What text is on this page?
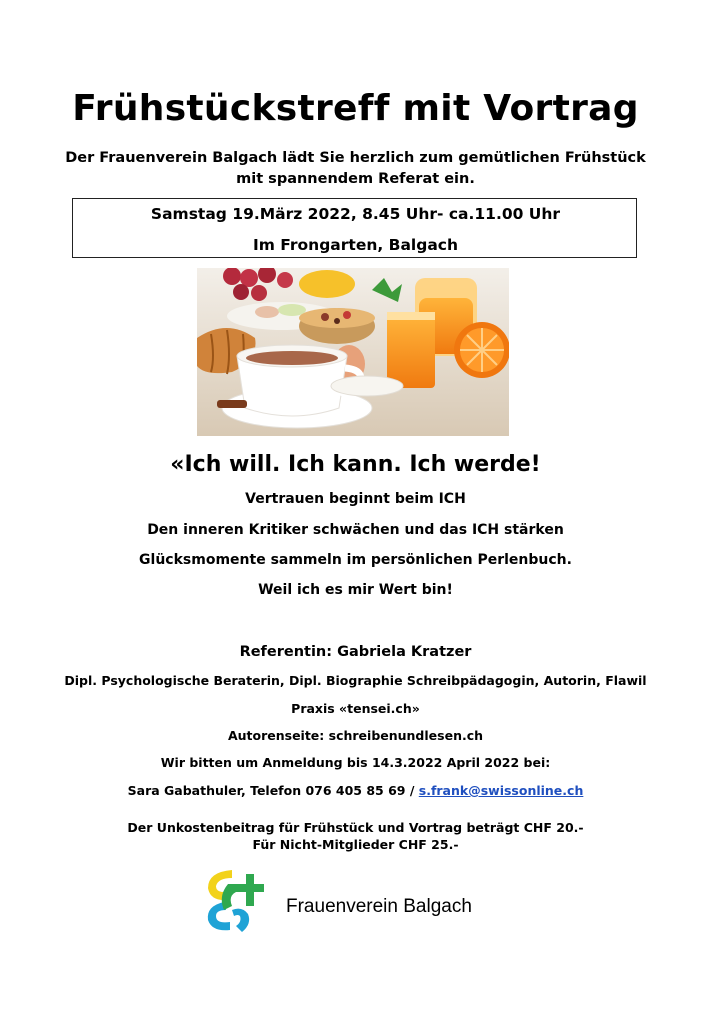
Frühstückstreff mit Vortrag
Der Frauenverein Balgach lädt Sie herzlich zum gemütlichen Frühstück
mit spannendem Referat ein.
Samstag 19.März 2022, 8.45 Uhr- ca.11.00 Uhr
Im Frongarten, Balgach
«Ich will. Ich kann. Ich werde!
Vertrauen beginnt beim ICH
Den inneren Kritiker schwächen und das ICH stärken
Glücksmomente sammeln im persönlichen Perlenbuch.
Weil ich es mir Wert bin!
Referentin: Gabriela Kratzer
Dipl. Psychologische Beraterin, Dipl. Biographie Schreibpädagogin, Autorin, Flawil
Praxis «tensei.ch»
Autorenseite: schreibenundlesen.ch
Wir bitten um Anmeldung bis 14.3.2022 April 2022 bei:
Sara Gabathuler, Telefon 076 405 85 69 / s.frank@swissonline.ch
Der Unkostenbeitrag für Frühstück und Vortrag beträgt CHF 20.-
Für Nicht-Mitglieder CHF 25.-
Frauenverein Balgach
